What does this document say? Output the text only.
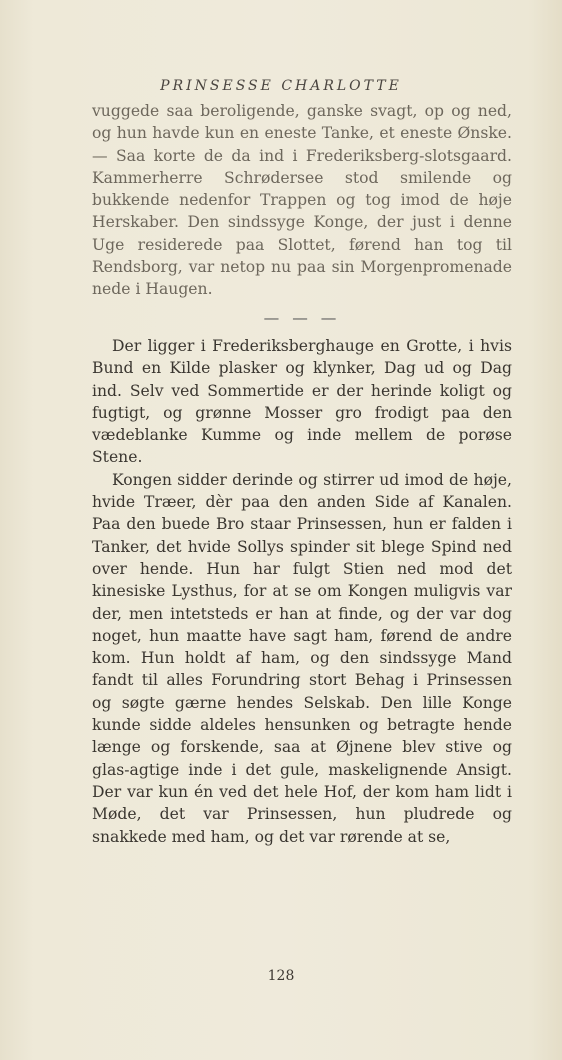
PRINSESSE CHARLOTTE

vuggede saa beroligende, ganske svagt, op og ned, og hun havde kun en eneste Tanke, et eneste Ønske. — Saa korte de da ind i Frederiksberg-slotsgaard. Kammerherre Schrødersee stod smilende og bukkende nedenfor Trappen og tog imod de høje Herskaber. Den sindssyge Konge, der just i denne Uge residerede paa Slottet, førend han tog til Rendsborg, var netop nu paa sin Morgenpromenade nede i Haugen.

— — —

Der ligger i Frederiksberghauge en Grotte, i hvis Bund en Kilde plasker og klynker, Dag ud og Dag ind. Selv ved Sommertide er der herinde koligt og fugtigt, og grønne Mosser gro frodigt paa den vædeblanke Kumme og inde mellem de porøse Stene.

Kongen sidder derinde og stirrer ud imod de høje, hvide Træer, dèr paa den anden Side af Kanalen. Paa den buede Bro staar Prinsessen, hun er falden i Tanker, det hvide Sollys spinder sit blege Spind ned over hende. Hun har fulgt Stien ned mod det kinesiske Lysthus, for at se om Kongen muligvis var der, men intetsteds er han at finde, og der var dog noget, hun maatte have sagt ham, førend de andre kom. Hun holdt af ham, og den sindssyge Mand fandt til alles Forundring stort Behag i Prinsessen og søgte gærne hendes Selskab. Den lille Konge kunde sidde aldeles hensunken og betragte hende længe og forskende, saa at Øjnene blev stive og glas-agtige inde i det gule, maskelignende Ansigt. Der var kun én ved det hele Hof, der kom ham lidt i Møde, det var Prinsessen, hun pludrede og snakkede med ham, og det var rørende at se,

128
